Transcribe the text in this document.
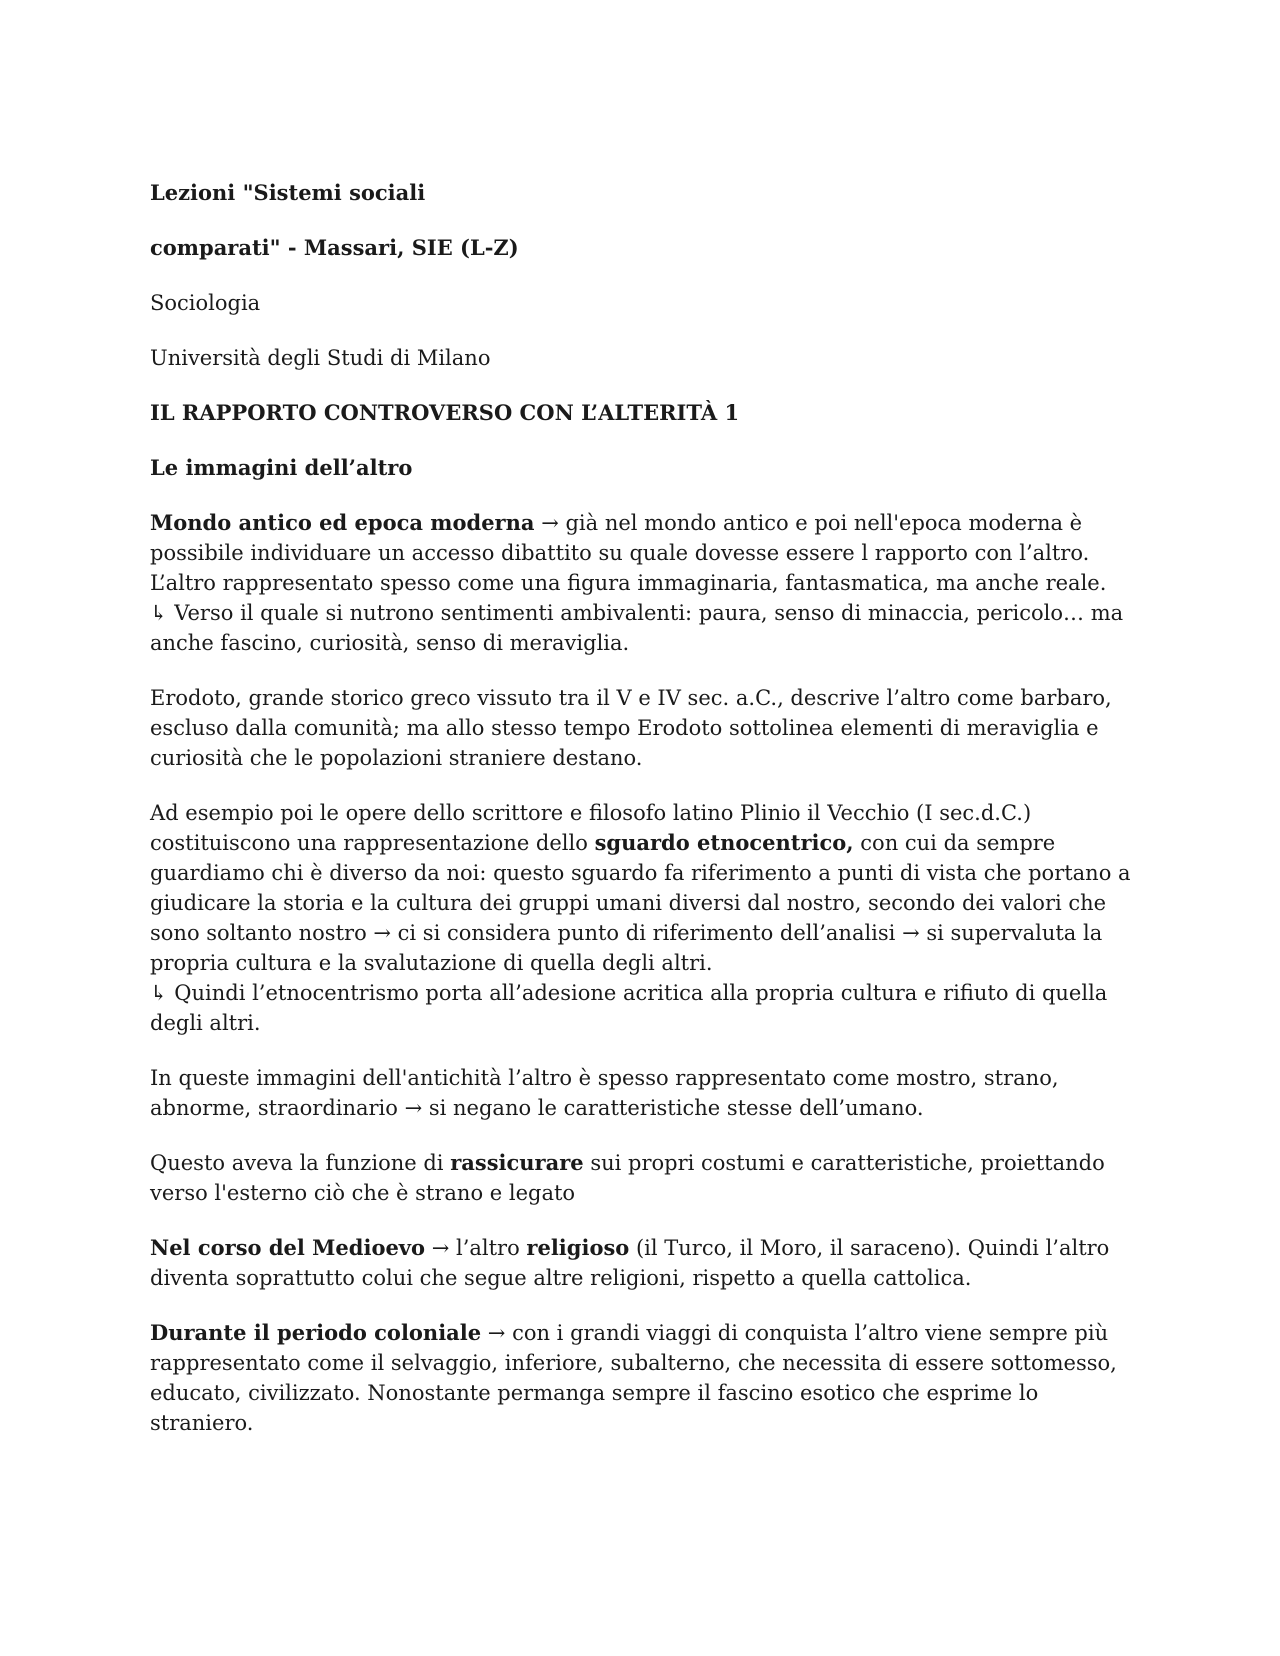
Lezioni "Sistemi sociali
comparati" - Massari, SIE (L-Z)
Sociologia
Università degli Studi di Milano
IL RAPPORTO CONTROVERSO CON L’ALTERITÀ 1
Le immagini dell’altro
Mondo antico ed epoca moderna → già nel mondo antico e poi nell'epoca moderna è
possibile individuare un accesso dibattito su quale dovesse essere l rapporto con l’altro.
L’altro rappresentato spesso come una figura immaginaria, fantasmatica, ma anche reale.
↳ Verso il quale si nutrono sentimenti ambivalenti: paura, senso di minaccia, pericolo… ma
anche fascino, curiosità, senso di meraviglia.
Erodoto, grande storico greco vissuto tra il V e IV sec. a.C., descrive l’altro come barbaro,
escluso dalla comunità; ma allo stesso tempo Erodoto sottolinea elementi di meraviglia e
curiosità che le popolazioni straniere destano.
Ad esempio poi le opere dello scrittore e filosofo latino Plinio il Vecchio (I sec.d.C.)
costituiscono una rappresentazione dello sguardo etnocentrico, con cui da sempre
guardiamo chi è diverso da noi: questo sguardo fa riferimento a punti di vista che portano a
giudicare la storia e la cultura dei gruppi umani diversi dal nostro, secondo dei valori che
sono soltanto nostro → ci si considera punto di riferimento dell’analisi → si supervaluta la
propria cultura e la svalutazione di quella degli altri.
↳ Quindi l’etnocentrismo porta all’adesione acritica alla propria cultura e rifiuto di quella
degli altri.
In queste immagini dell'antichità l’altro è spesso rappresentato come mostro, strano,
abnorme, straordinario → si negano le caratteristiche stesse dell’umano.
Questo aveva la funzione di rassicurare sui propri costumi e caratteristiche, proiettando
verso l'esterno ciò che è strano e legato
Nel corso del Medioevo → l’altro religioso (il Turco, il Moro, il saraceno). Quindi l’altro
diventa soprattutto colui che segue altre religioni, rispetto a quella cattolica.
Durante il periodo coloniale → con i grandi viaggi di conquista l’altro viene sempre più
rappresentato come il selvaggio, inferiore, subalterno, che necessita di essere sottomesso,
educato, civilizzato. Nonostante permanga sempre il fascino esotico che esprime lo
straniero.
